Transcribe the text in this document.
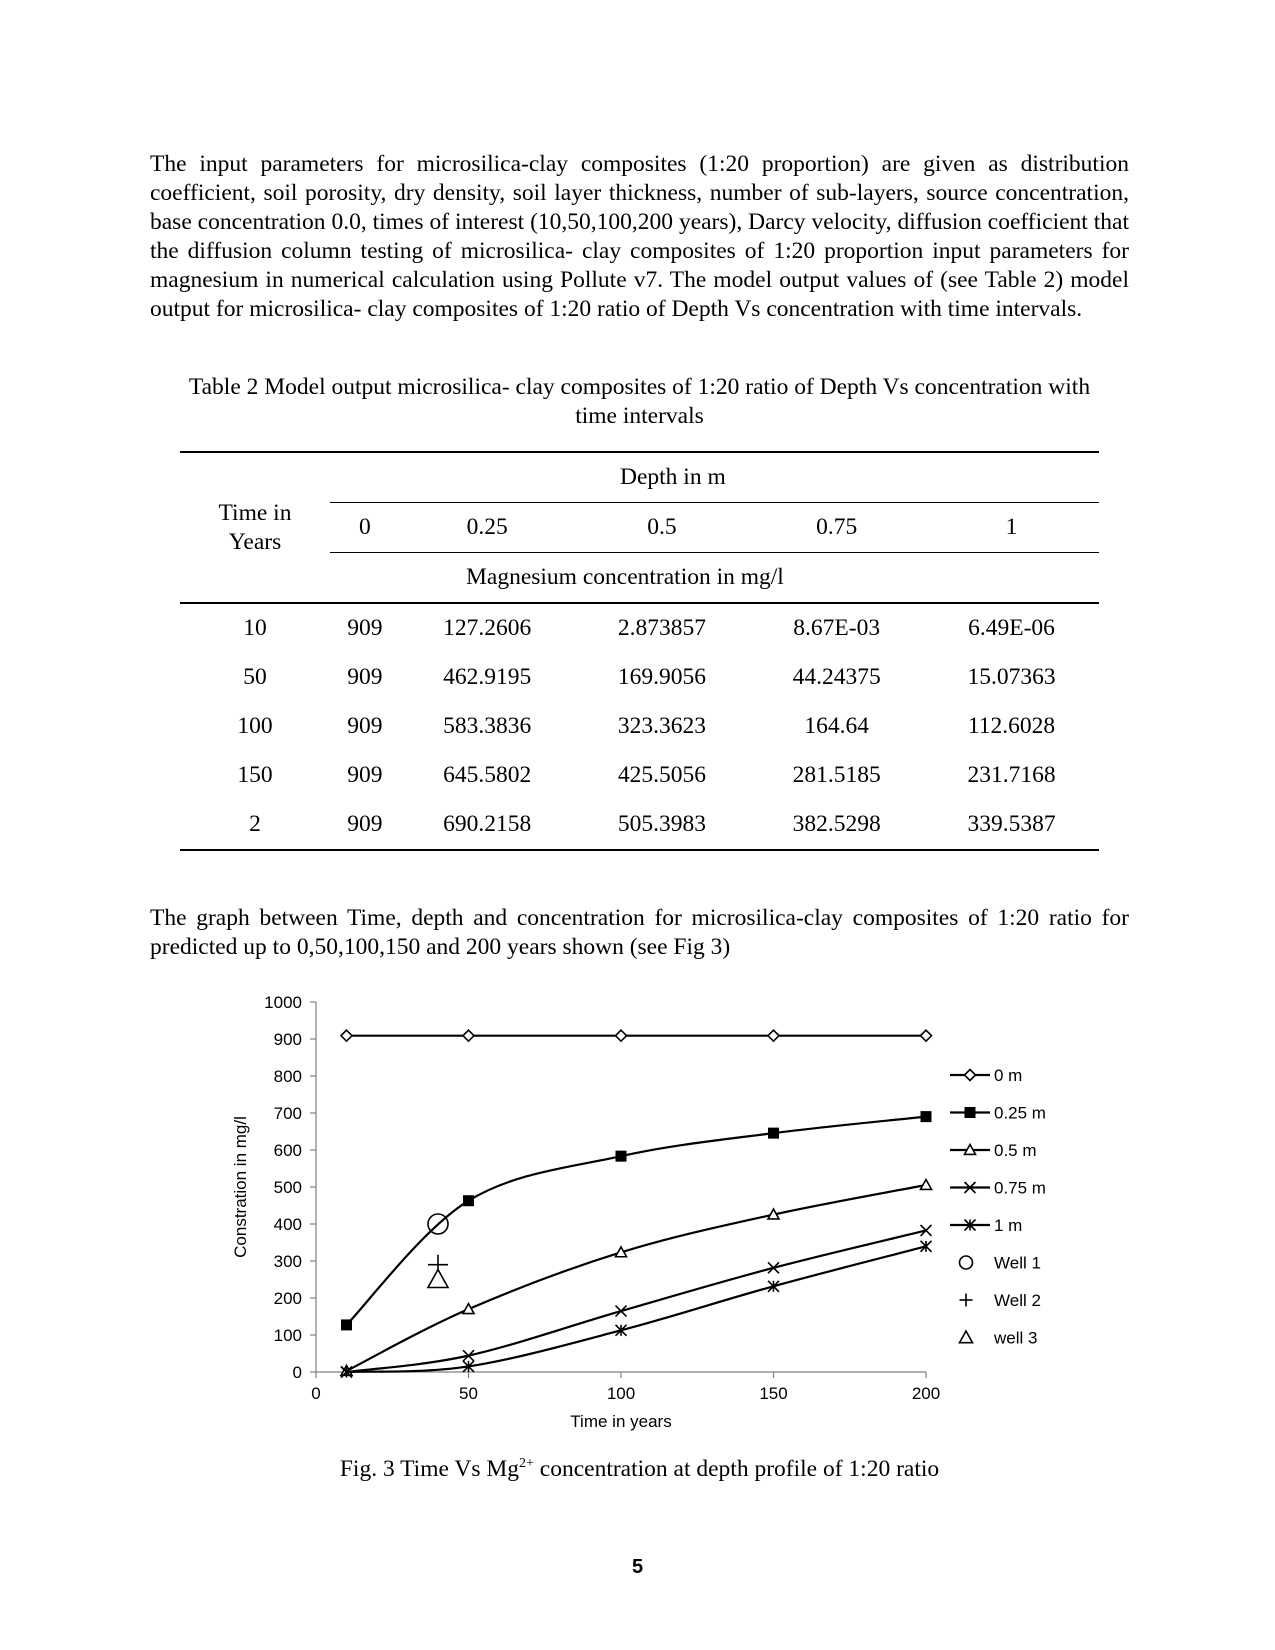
The input parameters for microsilica-clay composites (1:20 proportion) are given as distribution coefficient, soil porosity, dry density, soil layer thickness, number of sub-layers, source concentration, base concentration 0.0, times of interest (10,50,100,200 years), Darcy velocity, diffusion coefficient that the diffusion column testing of microsilica- clay composites of 1:20 proportion input parameters for magnesium in numerical calculation using Pollute v7. The model output values of (see Table 2) model output for microsilica- clay composites of 1:20 ratio of Depth Vs concentration with time intervals.
Table 2 Model output microsilica- clay composites of 1:20 ratio of Depth Vs concentration with
time intervals
Time in Years	Depth in m				
	0	0.25	0.5	0.75	1
	Magnesium concentration in mg/l				
10	909	127.2606	2.873857	8.67E-03	6.49E-06
50	909	462.9195	169.9056	44.24375	15.07363
100	909	583.3836	323.3623	164.64	112.6028
150	909	645.5802	425.5056	281.5185	231.7168
2	909	690.2158	505.3983	382.5298	339.5387
The graph between Time, depth and concentration for microsilica-clay composites of 1:20 ratio for predicted up to 0,50,100,150 and 200 years shown (see Fig 3)
0
100
200
300
400
500
600
700
800
900
1000
0	50	100	150	200
Time in years
Constration in mg/l
0 m
0.25 m
0.5 m
0.75 m
1 m
Well 1
Well 2
well 3
Fig. 3 Time Vs $Mg^{2+}$ concentration at depth profile of 1:20 ratio
5
